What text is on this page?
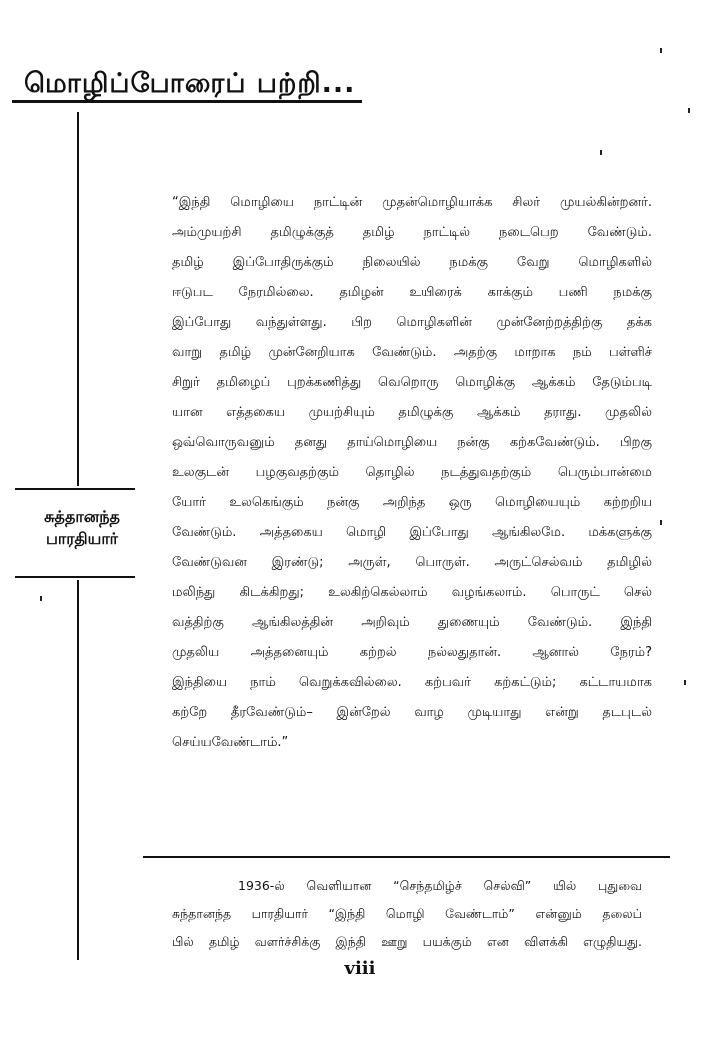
மொழிப்போரைப் பற்றி...
சுத்தானந்த
பாரதியார்
“இந்தி மொழியை நாட்டின் முதன்மொழியாக்க சிலர் முயல்கின்றனர்.
அம்முயற்சி தமிழுக்குத் தமிழ் நாட்டில் நடைபெற வேண்டும்.
தமிழ் இப்போதிருக்கும் நிலையில் நமக்கு வேறு மொழிகளில்
ஈடுபட நேரமில்லை. தமிழன் உயிரைக் காக்கும் பணி நமக்கு
இப்போது வந்துள்ளது. பிற மொழிகளின் முன்னேற்றத்திற்கு தக்க
வாறு தமிழ் முன்னேறியாக வேண்டும். அதற்கு மாறாக நம் பள்ளிச்
சிறுர் தமிழைப் புறக்கணித்து வெறொரு மொழிக்கு ஆக்கம் தேடும்படி
யான எத்தகைய முயற்சியும் தமிழுக்கு ஆக்கம் தராது. முதலில்
ஒவ்வொருவனும் தனது தாய்மொழியை நன்கு கற்கவேண்டும். பிறகு
உலகுடன் பழகுவதற்கும் தொழில் நடத்துவதற்கும் பெரும்பான்மை
யோர் உலகெங்கும் நன்கு அறிந்த ஒரு மொழியையும் கற்றறிய
வேண்டும். அத்தகைய மொழி இப்போது ஆங்கிலமே. மக்களுக்கு
வேண்டுவன இரண்டு; அருள், பொருள். அருட்செல்வம் தமிழில்
மலிந்து கிடக்கிறது; உலகிற்கெல்லாம் வழங்கலாம். பொருட் செல்
வத்திற்கு ஆங்கிலத்தின் அறிவும் துணையும் வேண்டும். இந்தி
முதலிய அத்தனையும் கற்றல் நல்லதுதான். ஆனால் நேரம்?
இந்தியை நாம் வெறுக்கவில்லை. கற்பவர் கற்கட்டும்; கட்டாயமாக
கற்றே தீரவேண்டும்– இன்றேல் வாழ முடியாது என்று தடபுடல்
செய்யவேண்டாம்.”
1936-ல் வெளியான “செந்தமிழ்ச் செல்வி” யில் புதுவை
சுந்தானந்த பாரதியார் “இந்தி மொழி வேண்டாம்” என்னும் தலைப்
பில் தமிழ் வளர்ச்சிக்கு இந்தி ஊறு பயக்கும் என விளக்கி எழுதியது.
viii
